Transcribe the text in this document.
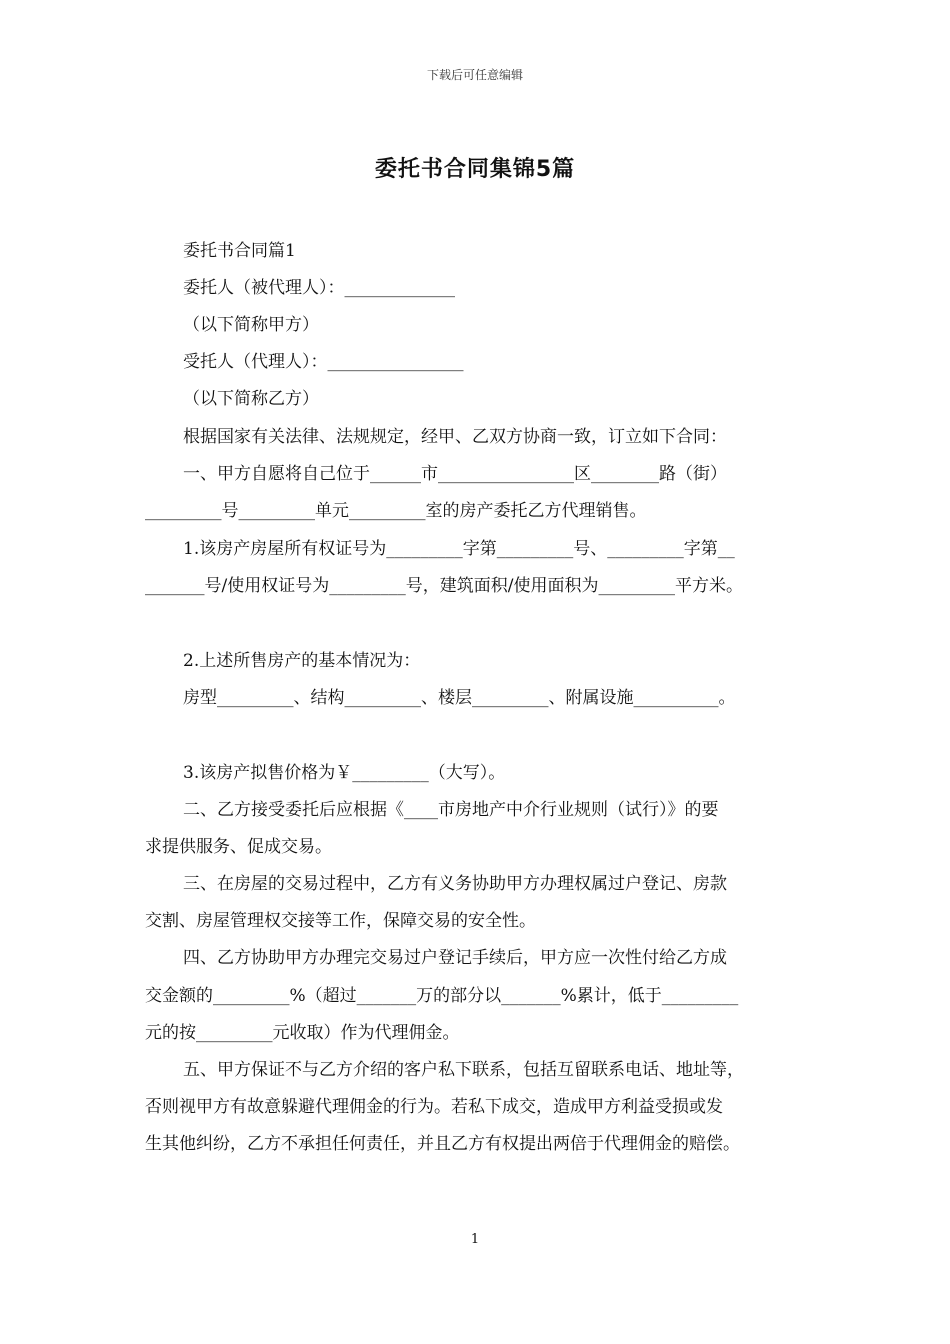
下载后可任意编辑
委托书合同集锦5篇
委托书合同篇1
委托人（被代理人）：_____________
（以下简称甲方）
受托人（代理人）：________________
（以下简称乙方）
根据国家有关法律、法规规定，经甲、乙双方协商一致，订立如下合同：
一、甲方自愿将自己位于______市________________区________路（街）
_________号_________单元_________室的房产委托乙方代理销售。
1.该房产房屋所有权证号为_________字第_________号、_________字第__
_______号/使用权证号为_________号，建筑面积/使用面积为_________平方米。
2.上述所售房产的基本情况为：
房型_________、结构_________、楼层_________、附属设施__________。
3.该房产拟售价格为￥_________（大写）。
二、乙方接受委托后应根据《____市房地产中介行业规则（试行）》的要
求提供服务、促成交易。
三、在房屋的交易过程中，乙方有义务协助甲方办理权属过户登记、房款
交割、房屋管理权交接等工作，保障交易的安全性。
四、乙方协助甲方办理完交易过户登记手续后，甲方应一次性付给乙方成
交金额的_________%（超过_______万的部分以_______%累计，低于_________
元的按_________元收取）作为代理佣金。
五、甲方保证不与乙方介绍的客户私下联系，包括互留联系电话、地址等，
否则视甲方有故意躲避代理佣金的行为。若私下成交，造成甲方利益受损或发
生其他纠纷，乙方不承担任何责任，并且乙方有权提出两倍于代理佣金的赔偿。
1
